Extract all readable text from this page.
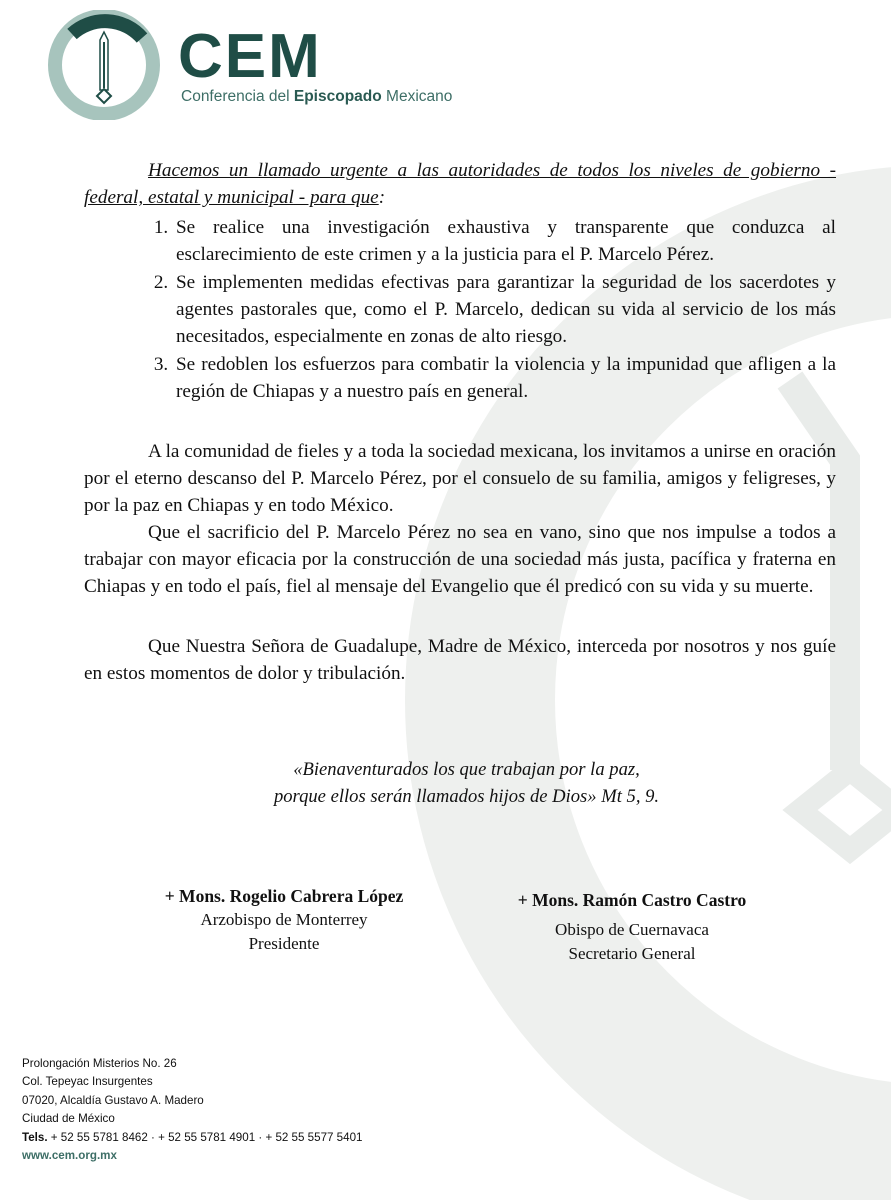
CEM
Conferencia del Episcopado Mexicano

Hacemos un llamado urgente a las autoridades de todos los niveles de gobierno - federal, estatal y municipal - para que:

1. Se realice una investigación exhaustiva y transparente que conduzca al esclarecimiento de este crimen y a la justicia para el P. Marcelo Pérez.
2. Se implementen medidas efectivas para garantizar la seguridad de los sacerdotes y agentes pastorales que, como el P. Marcelo, dedican su vida al servicio de los más necesitados, especialmente en zonas de alto riesgo.
3. Se redoblen los esfuerzos para combatir la violencia y la impunidad que afligen a la región de Chiapas y a nuestro país en general.

A la comunidad de fieles y a toda la sociedad mexicana, los invitamos a unirse en oración por el eterno descanso del P. Marcelo Pérez, por el consuelo de su familia, amigos y feligreses, y por la paz en Chiapas y en todo México.

Que el sacrificio del P. Marcelo Pérez no sea en vano, sino que nos impulse a todos a trabajar con mayor eficacia por la construcción de una sociedad más justa, pacífica y fraterna en Chiapas y en todo el país, fiel al mensaje del Evangelio que él predicó con su vida y su muerte.

Que Nuestra Señora de Guadalupe, Madre de México, interceda por nosotros y nos guíe en estos momentos de dolor y tribulación.

«Bienaventurados los que trabajan por la paz,
porque ellos serán llamados hijos de Dios» Mt 5, 9.
+ Mons. Rogelio Cabrera López
Arzobispo de Monterrey
Presidente
+ Mons. Ramón Castro Castro
Obispo de Cuernavaca
Secretario General
Prolongación Misterios No. 26
Col. Tepeyac Insurgentes
07020, Alcaldía Gustavo A. Madero
Ciudad de México
Tels. + 52 55 5781 8462 · + 52 55 5781 4901 · + 52 55 5577 5401
www.cem.org.mx
